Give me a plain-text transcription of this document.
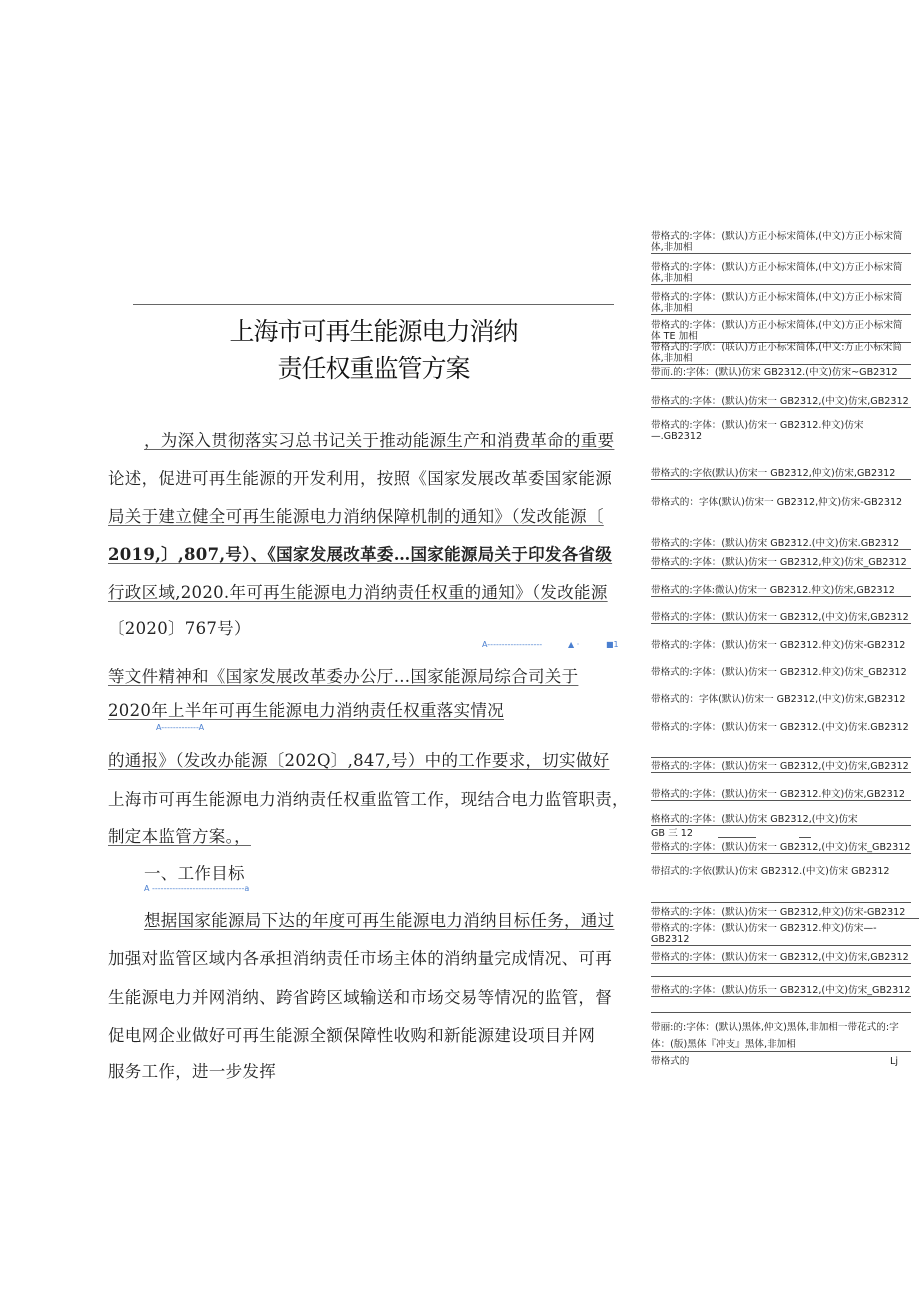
上海市可再生能源电力消纳
责任权重监管方案
，为深入贯彻落实习总书记关于推动能源生产和消费革命的重要
论述，促进可再生能源的开发利用，按照《国家发展改革委国家能源
局关于建立健全可再生能源电力消纳保障机制的通知》（发改能源〔
2019,〕,807,号）、《国家发展改革委…国家能源局关于印发各省级
行政区域,2020.年可再生能源电力消纳责任权重的通知》（发改能源
〔2020〕767号）
A-------------------	▲ ·	■1
等文件精神和《国家发展改革委办公厅…国家能源局综合司关于
2020年上半年可再生能源电力消纳责任权重落实情况
A-------------A
的通报》（发改办能源〔202Q〕,847,号）中的工作要求，切实做好
上海市可再生能源电力消纳责任权重监管工作，现结合电力监管职责，
制定本监管方案。，
一、工作目标
A --------------------------------a
想据国家能源局下达的年度可再生能源电力消纳目标任务，通过
加强对监管区域内各承担消纳责任市场主体的消纳量完成情况、可再
生能源电力并网消纳、跨省跨区域输送和市场交易等情况的监管，督
促电网企业做好可再生能源全额保障性收购和新能源建设项目并网
服务工作，进一步发挥
带格式的:字体：(默认)方正小标宋简体,(中文)方正小标宋简体,非加相
带格式的:字体：(默认)方正小标宋简体,(中文)方正小标宋简体,非加相
带格式的:字体：(默认)方正小标宋简体,(中文)方正小标宋简体,非加相
带格式的:字体：(默认)方正小标宋简体,(中文)方正小标宋简体 TE 加相
带格式的:字欣：(联认)方正小标宋简体,(中文:方正小标宋简体,非加相
带而.的:字体：(默认)仿宋 GB2312.(中文)仿宋~GB2312
带格式的:字体：(默认)仿宋一 GB2312,(中文)仿宋,GB2312
带格式的:字体：(默认)仿宋一 GB2312.仲文)仿宋—.GB2312
带格式的:字依(默认)仿宋一 GB2312,仲文)仿宋,GB2312
带格式的：字体(默认)仿宋一 GB2312,仲文)仿宋-GB2312
带格式的:字体：(默认)仿宋 GB2312.(中文)仿宋.GB2312
带格式的:字体：(默认)仿宋一 GB2312,仲文)仿宋_GB2312
带格式的:字体:微认)仿宋一 GB2312.仲文)仿宋,GB2312
带格式的:字体：(默认)仿宋一 GB2312,(中文)仿宋,GB2312
带格式的:字体：(默认)仿宋一 GB2312.仲文)仿宋-GB2312
带格式的:字体：(默认)仿宋一 GB2312.仲文)仿宋_GB2312
带格式的：字体(默认)仿宋一 GB2312,(中文)仿宋,GB2312
带格式的:字体：(默认)仿宋一 GB2312.(中文)仿宋.GB2312
带格式的:字体：(默认)仿宋一 GB2312,(中文)仿宋,GB2312
带格式的:字体：(默认)仿宋一 GB2312.仲文)仿宋,GB2312
格格式的:字体：(默认)仿宋 GB2312,(中文)仿宋
GB 三 12
带格式的:字体：(默认)仿宋一 GB2312,(中文)仿宋_GB2312
带招式的:字依(默认)仿宋 GB2312.(中文)仿宋 GB2312
带格式的:字体：(默认)仿宋一 GB2312,仲文)仿宋-GB2312
带格式的:字体：(默认)仿宋一 GB2312.仲文)仿宋—-GB2312
带格式的:字体：(默认)仿宋一 GB2312,(中文)仿宋,GB2312
带格式的:字体：(默认)仿乐一 GB2312,(中文)仿宋_GB2312
带丽:的:字体：(默认)黑体,仲文)黑体,非加相一带花式的:字体：(版)黑体『冲支』黑体,非加相
带格式的	Lj
